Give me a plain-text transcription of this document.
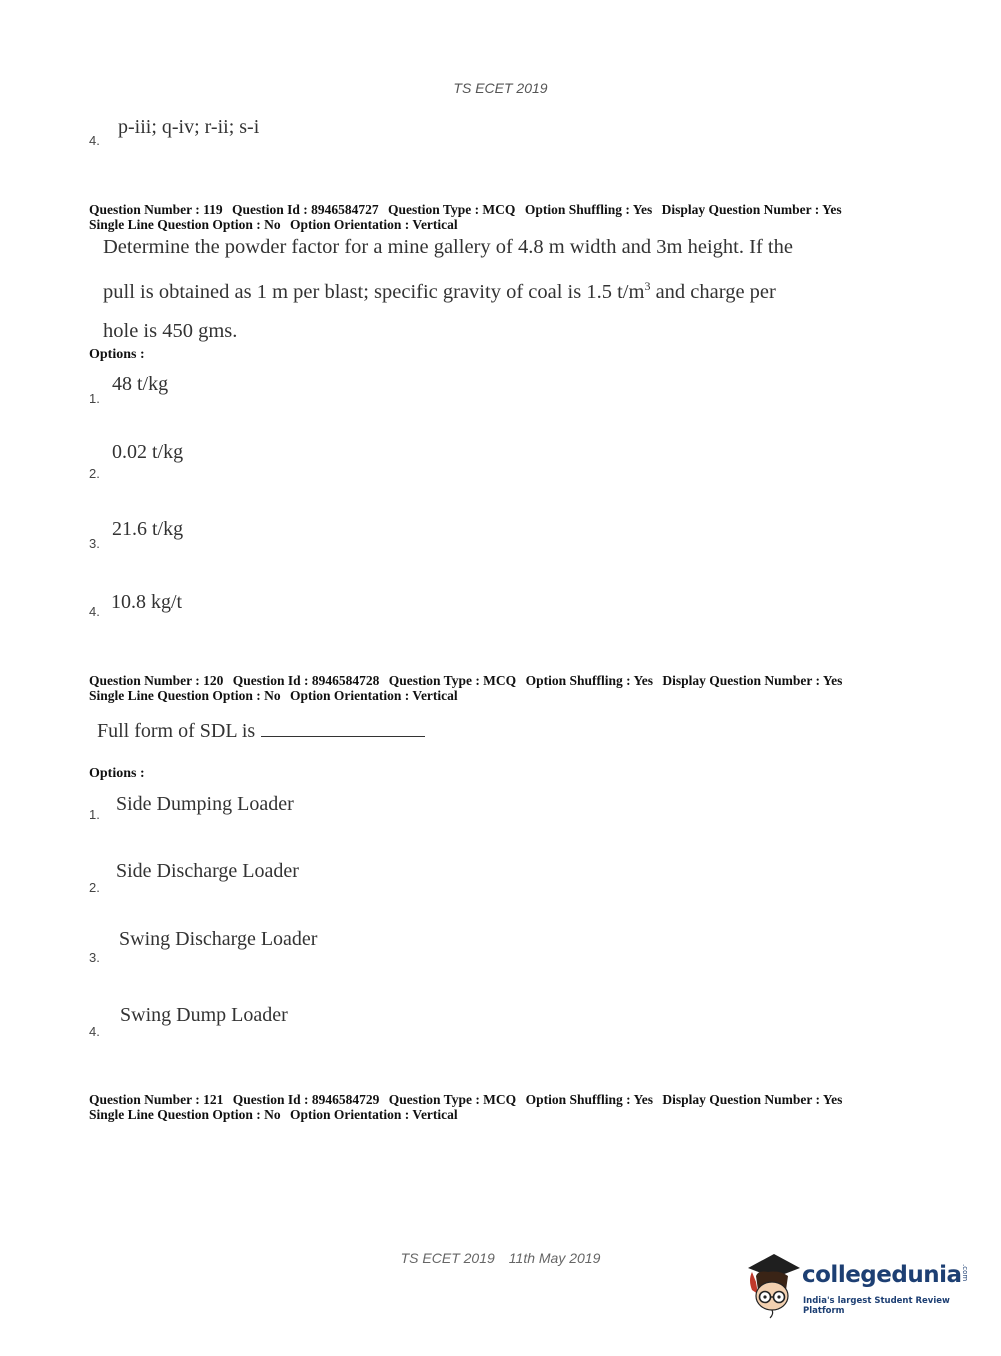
TS ECET 2019
4.
p-iii; q-iv; r-ii; s-i
Question Number : 119 Question Id : 8946584727 Question Type : MCQ Option Shuffling : Yes Display Question Number : Yes
Single Line Question Option : No Option Orientation : Vertical
Determine the powder factor for a mine gallery of 4.8 m width and 3m height. If the
pull is obtained as 1 m per blast; specific gravity of coal is 1.5 $t/m^3$ and charge per
hole is 450 gms.
Options :
1.
48 t/kg
2.
0.02 t/kg
3.
21.6 t/kg
4. 10.8 kg/t
Question Number : 120 Question Id : 8946584728 Question Type : MCQ Option Shuffling : Yes Display Question Number : Yes
Single Line Question Option : No Option Orientation : Vertical
Full form of SDL is
Options :
1. Side Dumping Loader
2.
Side Discharge Loader
3.
Swing Discharge Loader
4.
Swing Dump Loader
Question Number : 121 Question Id : 8946584729 Question Type : MCQ Option Shuffling : Yes Display Question Number : Yes
Single Line Question Option : No Option Orientation : Vertical
TS ECET 2019 11th May 2019
collegedunia .com
India's largest Student Review Platform
